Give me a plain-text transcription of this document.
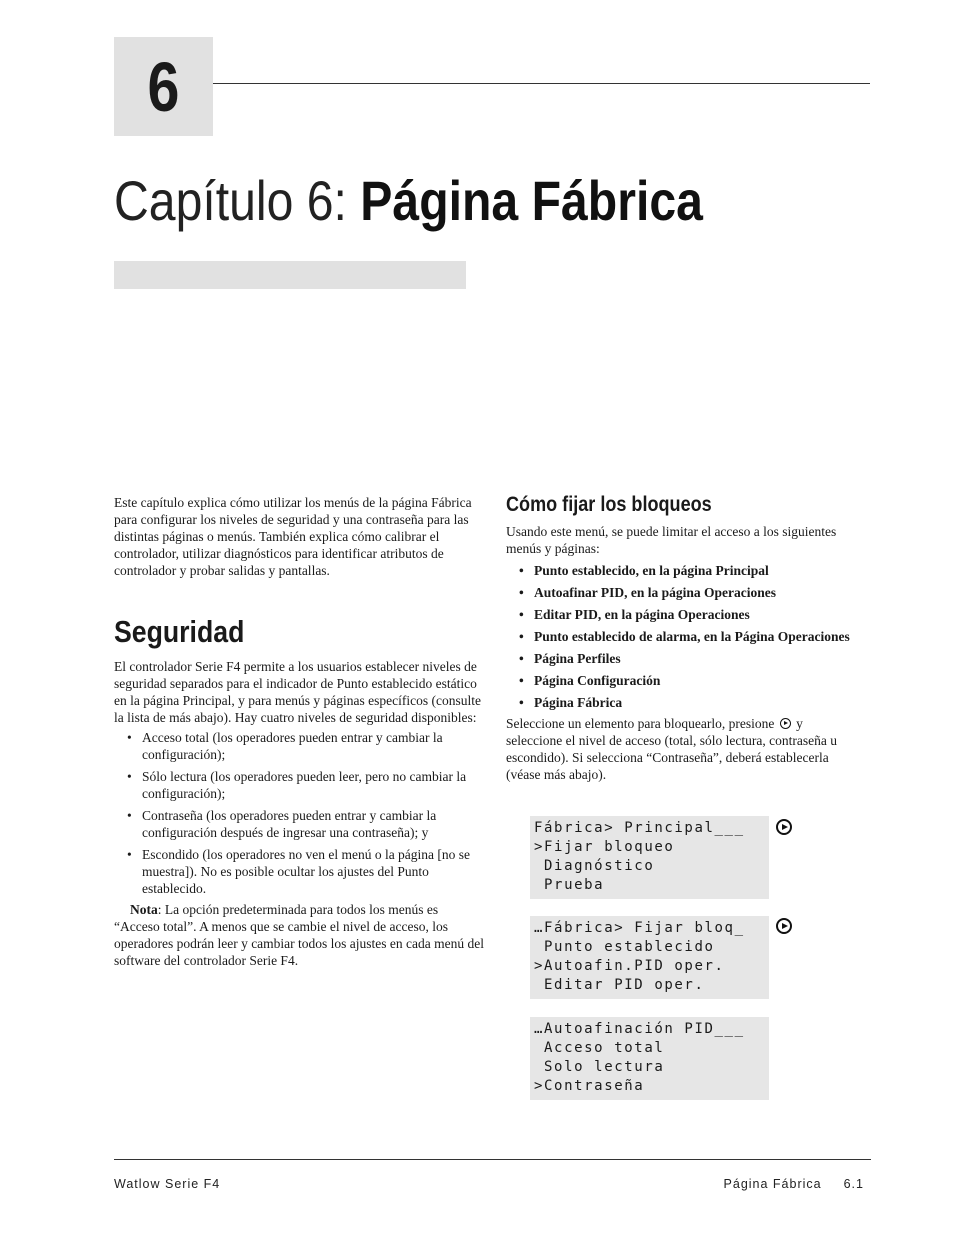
6
Capítulo 6: Página Fábrica

Este capítulo explica cómo utilizar los menús de la página Fábrica para configurar los niveles de seguridad y una contraseña para las distintas páginas o menús. También explica cómo calibrar el controlador, utilizar diagnósticos para identificar atributos de controlador y probar salidas y pantallas.

Seguridad

El controlador Serie F4 permite a los usuarios establecer niveles de seguridad separados para el indicador de Punto establecido estático en la página Principal, y para menús y páginas específicos (consulte la lista de más abajo). Hay cuatro niveles de seguridad disponibles:

• Acceso total (los operadores pueden entrar y cambiar la configuración);
• Sólo lectura (los operadores pueden leer, pero no cambiar la configuración);
• Contraseña (los operadores pueden entrar y cambiar la configuración después de ingresar una contraseña); y
• Escondido (los operadores no ven el menú o la página [no se muestra]). No es posible ocultar los ajustes del Punto establecido.

Nota: La opción predeterminada para todos los menús es “Acceso total”. A menos que se cambie el nivel de acceso, los operadores podrán leer y cambiar todos los ajustes en cada menú del software del controlador Serie F4.

Cómo fijar los bloqueos

Usando este menú, se puede limitar el acceso a los siguientes menús y páginas:

• Punto establecido, en la página Principal
• Autoafinar PID, en la página Operaciones
• Editar PID, en la página Operaciones
• Punto establecido de alarma, en la Página Operaciones
• Página Perfiles
• Página Configuración
• Página Fábrica

Seleccione un elemento para bloquearlo, presione y seleccione el nivel de acceso (total, sólo lectura, contraseña u escondido). Si selecciona “Contraseña”, deberá establecerla (véase más abajo).

Fábrica> Principal___
>Fijar bloqueo
Diagnóstico
Prueba
…Fábrica> Fijar bloq_
Punto establecido
>Autoafin.PID oper.
Editar PID oper.
…Autoafinación PID___
Acceso total
Solo lectura
>Contraseña
Watlow Serie F4	Página Fábrica 6.1
